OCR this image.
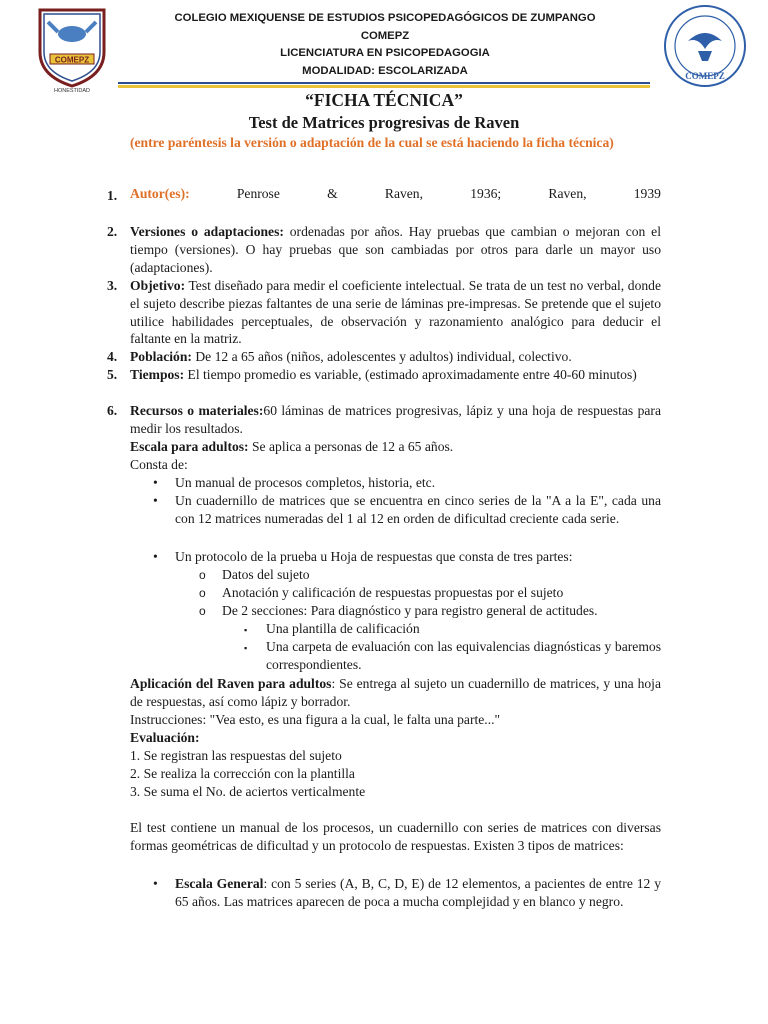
COMEPZ
HONESTIDAD
COMEPZ
COLEGIO MEXIQUENSE DE ESTUDIOS PSICOPEDAGÓGICOS DE ZUMPANGO
COMEPZ
LICENCIATURA EN PSICOPEDAGOGIA
MODALIDAD: ESCOLARIZADA
“FICHA TÉCNICA”
Test de Matrices progresivas de Raven
(entre paréntesis la versión o adaptación de la cual se está haciendo la ficha técnica)
1. Autor(es):	Penrose	&	Raven,	1936;	Raven,	1939
2. Versiones o adaptaciones: ordenadas por años. Hay pruebas que cambian o mejoran con el tiempo (versiones). O hay pruebas que son cambiadas por otros para darle un mayor uso (adaptaciones).
3. Objetivo: Test diseñado para medir el coeficiente intelectual. Se trata de un test no verbal, donde el sujeto describe piezas faltantes de una serie de láminas pre-impresas. Se pretende que el sujeto utilice habilidades perceptuales, de observación y razonamiento analógico para deducir el faltante en la matriz.
4. Población: De 12 a 65 años (niños, adolescentes y adultos) individual, colectivo.
5. Tiempos: El tiempo promedio es variable, (estimado aproximadamente entre 40-60 minutos)
6. Recursos o materiales:60 láminas de matrices progresivas, lápiz y una hoja de respuestas para medir los resultados.
Escala para adultos: Se aplica a personas de 12 a 65 años.
Consta de:
• Un manual de procesos completos, historia, etc.
• Un cuadernillo de matrices que se encuentra en cinco series de la "A a la E", cada una con 12 matrices numeradas del 1 al 12 en orden de dificultad creciente cada serie.
• Un protocolo de la prueba u Hoja de respuestas que consta de tres partes:
o Datos del sujeto
o Anotación y calificación de respuestas propuestas por el sujeto
o De 2 secciones: Para diagnóstico y para registro general de actitudes.
▪ Una plantilla de calificación
▪ Una carpeta de evaluación con las equivalencias diagnósticas y baremos correspondientes.
Aplicación del Raven para adultos: Se entrega al sujeto un cuadernillo de matrices, y una hoja de respuestas, así como lápiz y borrador.
Instrucciones: "Vea esto, es una figura a la cual, le falta una parte..."
Evaluación:
1. Se registran las respuestas del sujeto
2. Se realiza la corrección con la plantilla
3. Se suma el No. de aciertos verticalmente
El test contiene un manual de los procesos, un cuadernillo con series de matrices con diversas formas geométricas de dificultad y un protocolo de respuestas. Existen 3 tipos de matrices:
• Escala General: con 5 series (A, B, C, D, E) de 12 elementos, a pacientes de entre 12 y 65 años. Las matrices aparecen de poca a mucha complejidad y en blanco y negro.
